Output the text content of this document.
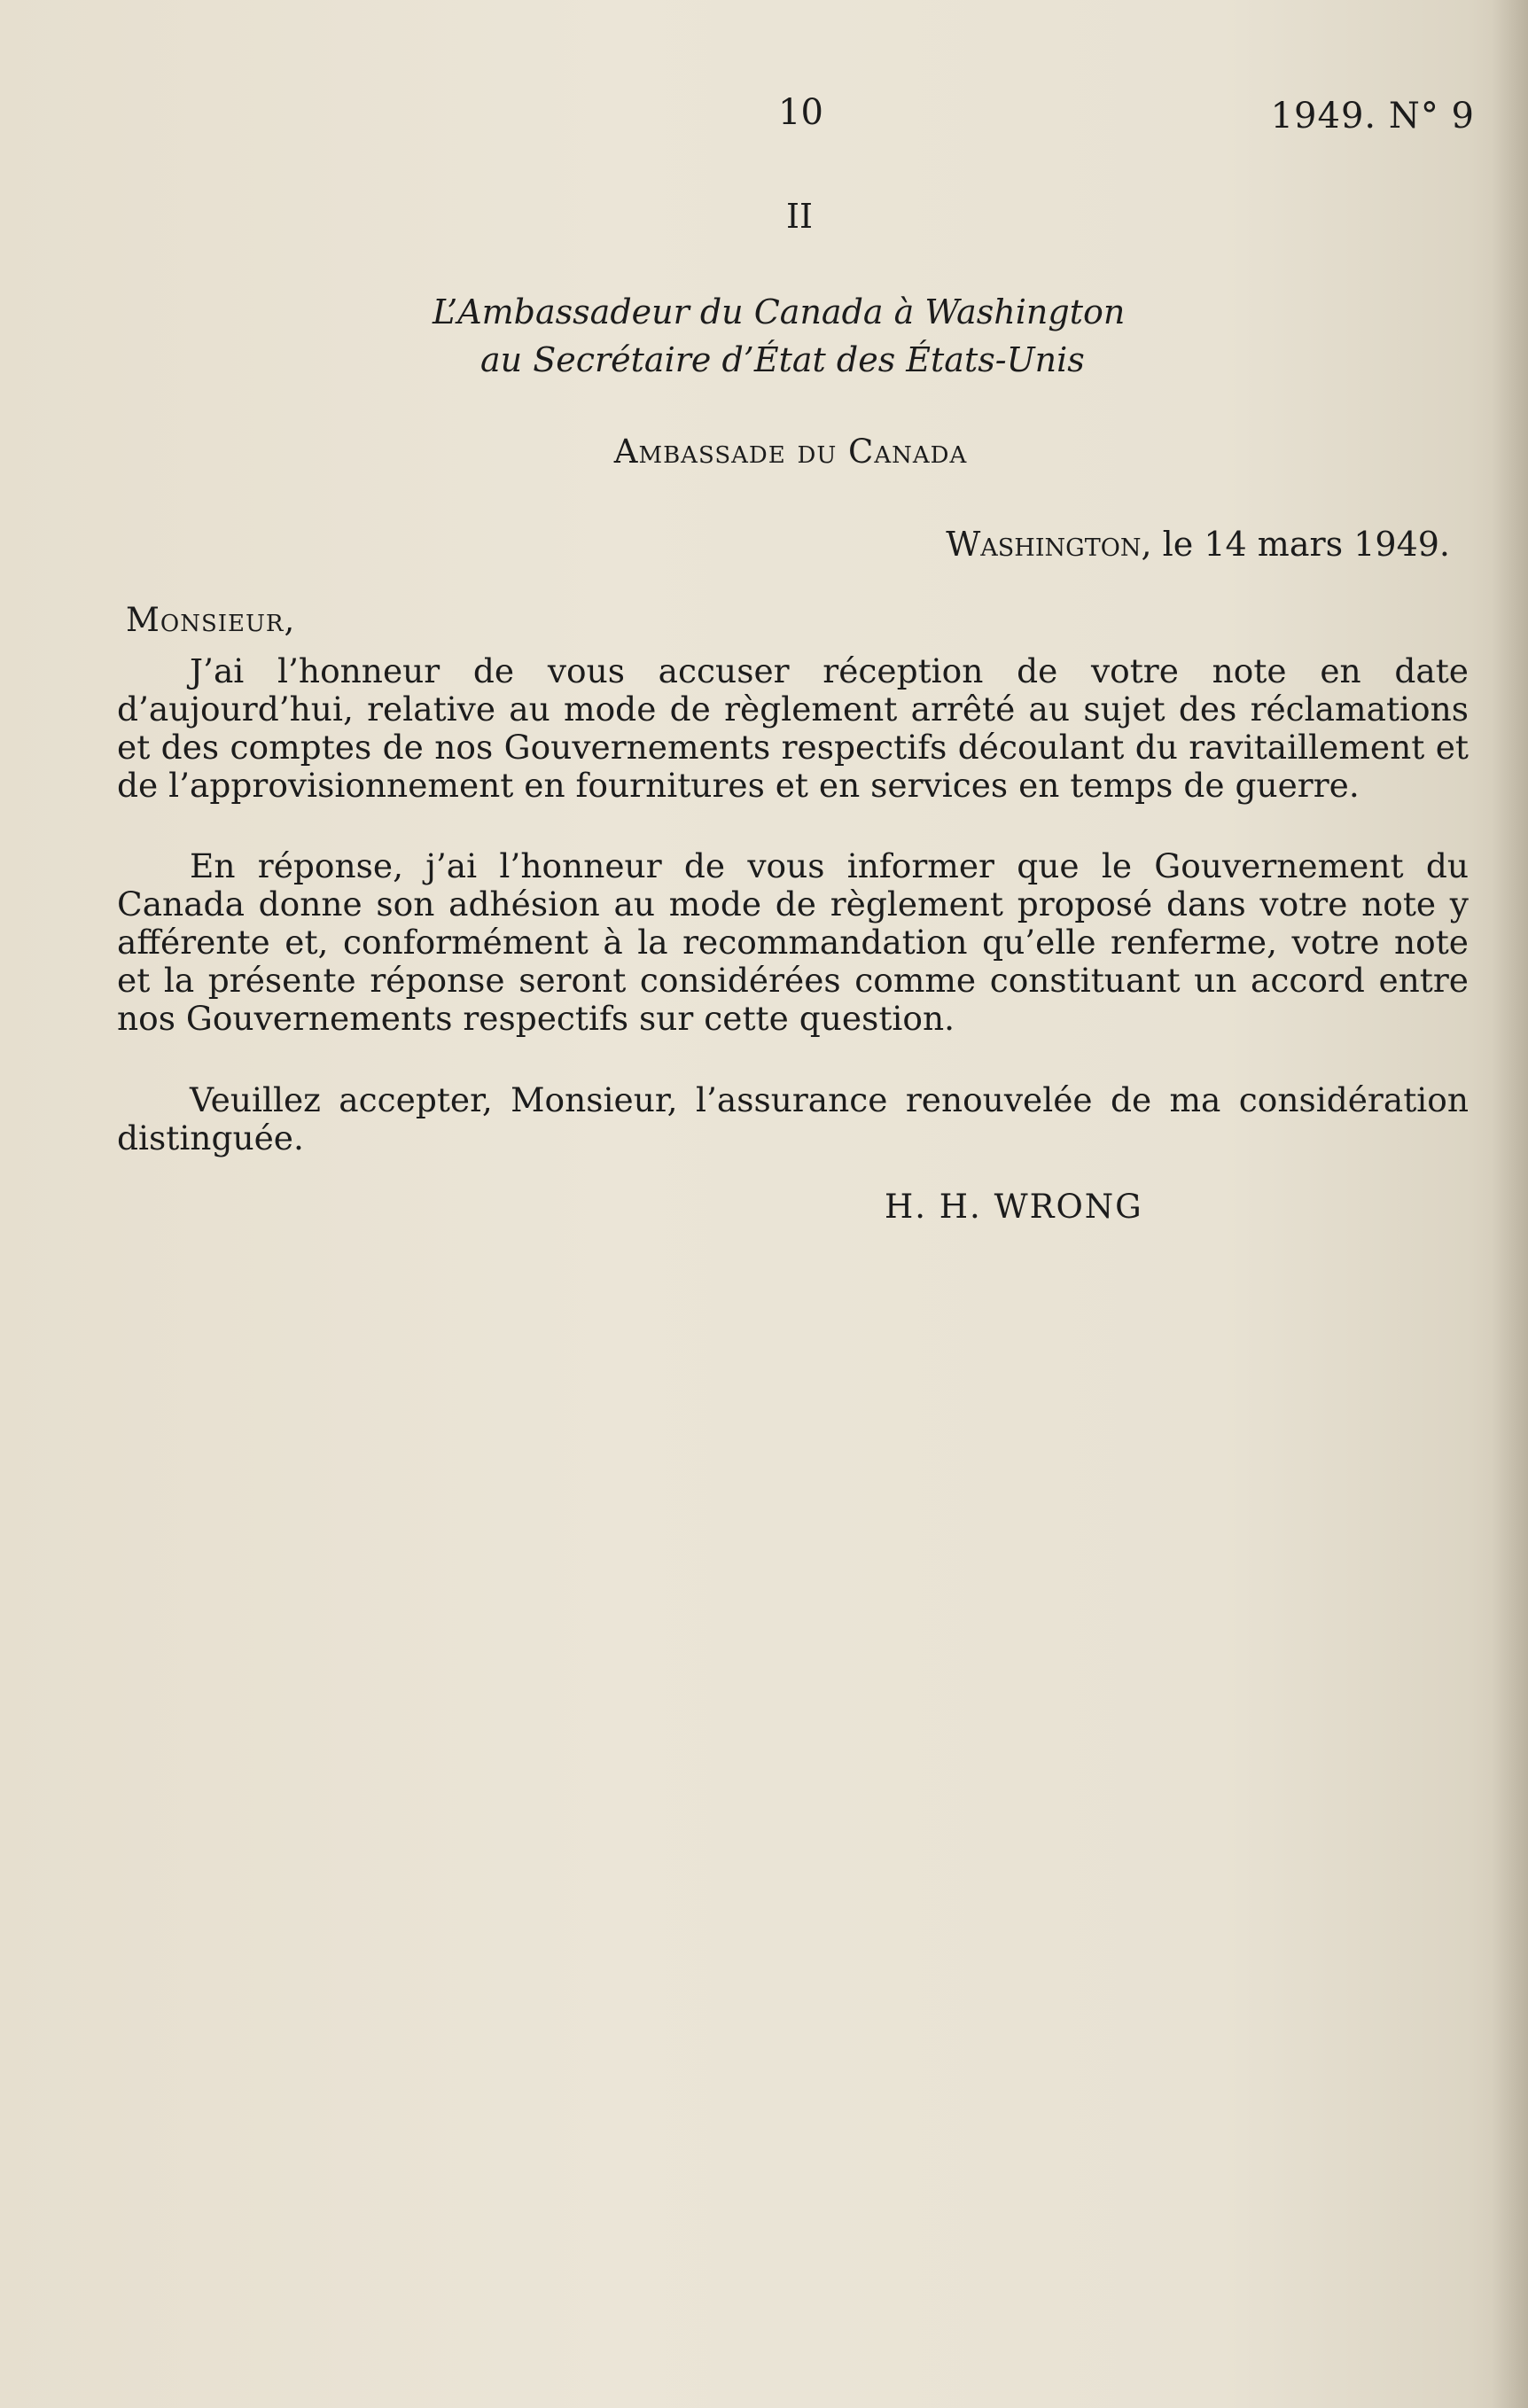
10	1949. N° 9
II
L’Ambassadeur du Canada à Washington
au Secrétaire d’État des États-Unis
Ambassade du Canada
Washington, le 14 mars 1949.
Monsieur,

J’ai l’honneur de vous accuser réception de votre note en date d’aujourd’hui, relative au mode de règlement arrêté au sujet des réclamations et des comptes de nos Gouvernements respectifs découlant du ravitaillement et de l’approvisionnement en fournitures et en services en temps de guerre.

En réponse, j’ai l’honneur de vous informer que le Gouvernement du Canada donne son adhésion au mode de règlement proposé dans votre note y afférente et, conformément à la recommandation qu’elle renferme, votre note et la présente réponse seront considérées comme constituant un accord entre nos Gouvernements respectifs sur cette question.

Veuillez accepter, Monsieur, l’assurance renouvelée de ma considération distinguée.

H. H. WRONG
